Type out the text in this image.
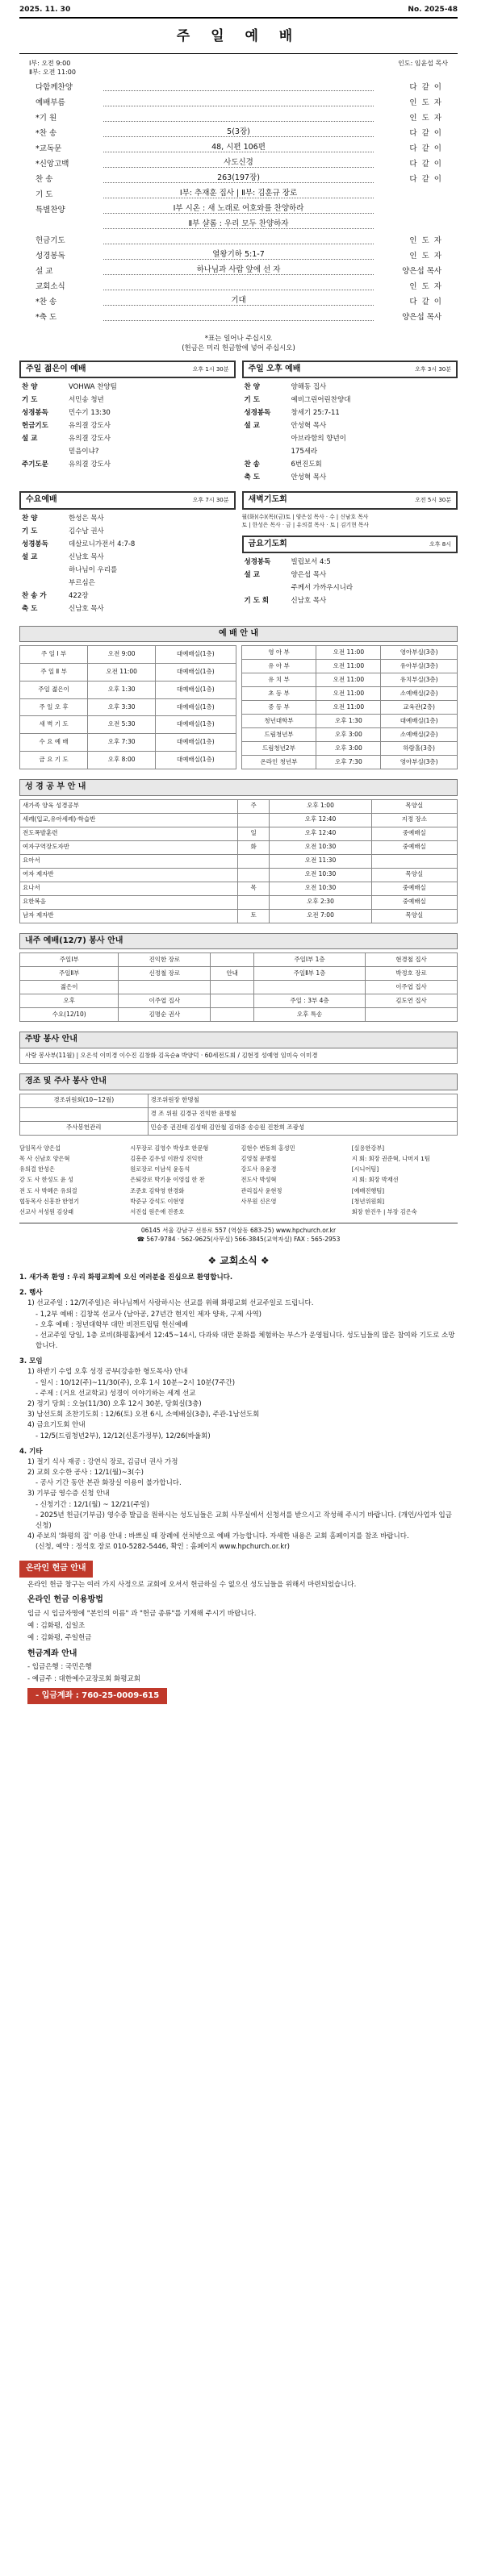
2025. 11. 30	No. 2025-48
주 일 예 배
Ⅰ부: 오전 9:00
Ⅱ부: 오전 11:00
인도: 임윤섭 목사
다함께찬양	다  같  이
예배부름	인  도  자
*기 원	인  도  자
*찬 송	5(3장)	다  같  이
*교독문	48, 시편 106편	다  같  이
*신앙고백	사도신경	다  같  이
찬 송	263(197장)	다  같  이
기 도	Ⅰ부: 추재훈 집사 | Ⅱ부: 김훈규 장로
특별찬양	Ⅰ부 시온 : 새 노래로 여호와를 찬양하라
Ⅱ부 샬롬 : 우리 모두 찬양하자
헌금기도	인  도  자
성경봉독	열왕기하 5:1-7	인  도  자
설 교	하나님과 사람 앞에 선 자	양은섭 목사
교회소식	인  도  자
*찬 송	기대	다  같  이
*축 도	양은섭 목사
*표는 일어나 주십시오
(헌금은 미리 헌금함에 넣어 주십시오)
주일 젊은이 예배	오후 1시 30분
찬 양	VOHWA 찬양팀
기 도	서민송 청년
성경봉독	민수기 13:30
헌금기도	유의결 강도사
설 교	유의결 강도사
	믿음이냐?
주기도문	유의결 강도사
주일 오후 예배	오후 3시 30분
찬 양	양해동 집사
기 도	예비그린어린찬양대
성경봉독	창세기 25:7-11
설 교	안성혁 목사
	아브라함의 향년이
	175세라
찬 송	6번진도회
축 도	안성혁 목사
수요예배	오후 7시 30분
찬 양	한성은 목사
기 도	김수남 권사
성경봉독	데살로니가전서 4:7-8
설 교	신남호 목사
	하나님이 우리를
	부르심은
찬 송 가	422장
축 도	신남호 목사
새벽기도회	오전 5시 30분
월(화)(수)(목)(금)토 | 양은섭 목사 · 수 | 신남호 목사
토 | 한성은 목사 · 금 | 유의결 목사 · 토 | 김기현 목사
금요기도회	오후 8시
성경봉독	빌립보서 4:5
설 교	양은섭 목사
	주께서 가까우시니라
기 도 회	신남호 목사
예 배 안 내
주 일 Ⅰ 부	오전 9:00	대예배실(1층)
주 일 Ⅱ 부	오전 11:00	대예배실(1층)
주일 젊은이	오후 1:30	대예배실(1층)
주 일 오 후	오후 3:30	대예배실(1층)
새 벽 기 도	오전 5:30	대예배실(1층)
수 요 예 배	오후 7:30	대예배실(1층)
금 요 기 도	오후 8:00	대예배실(1층)
영 아 부	오전 11:00	영아부실(3층)
유 아 부	오전 11:00	유아부실(3층)
유 치 부	오전 11:00	유치부실(3층)
초 등 부	오전 11:00	소예배실(2층)
중 등 부	오전 11:00	교육관(2층)
청년대학부	오후 1:30	대예배실(1층)
드림청년부	오후 3:00	소예배실(2층)
드림청년2부	오후 3:00	하람홀(3층)
온라인 청년부	오후 7:30	영아부실(3층)
성 경 공 부 안 내
새가족 양육 성경공부	주	오후 1:00	목양실
세례(입교,유아세례)·학습반		오후 12:40	지정 장소
전도폭발훈련	일	오후 12:40	중예배실
여자구역장도자반	화	오전 10:30	중예배실
요아서		오전 11:30	
여자 제자반		오전 10:30	목양실
요나서	목	오전 10:30	중예배실
요한복음		오후 2:30	중예배실
남자 제자반	토	오전 7:00	목양실
내주 예배(12/7) 봉사 안내
주일Ⅰ부	진익한 장로		주일Ⅰ부 1층	현경철 집사
주일Ⅱ부	신정철 장로	안내	주일Ⅱ부 1층	박정호 장로
젊은이				이주엽 집사
오후	이주엽 집사		주일 : 3부 4층	김도연 집사
수요(12/10)	김명순 권사		오후 특송	
주방 봉사 안내
사랑 봉사부(11월) | 오은석 이미경 이수진 김창화 김옥순a 박양덕 · 60세전도회 / 김현정 성예영 임미숙 이미경
경조 및 주사 봉사 안내
경조위원회(10~12월)	경조위원장 한명철
	경 조 위원 김경규 진익한 윤병철
주사봉헌관리	민승종 권진태 김성태 김안철 김대중 송승원 진찬희 조광성
담임목사 양은섭	시무장로 김영수 박상호 한문형	김현수 변동희 홍성민	[실용한강부]
목 사 신남호 양은혁	김흥준 김우성 이완성 진익한	김영철 윤병철	지 회: 회장 권준혁, 나머지 1팀
유의결 한성은	원로장로 이남석 윤동석	강도사 유윤경	[시니어팀]
강 도 사 한성도 윤 성	은퇴장로 박기윤 이영섭 한 찬	전도사 박성혁	지 회: 회장 박재선
전 도 사 박혜은 유의결	조준호 김학영 한경화	관리집사 윤현정	[예배진행팀]
협동목사 신흥찬 한영기	박준규 강석도 이현영	사무원 신은영	[청년위원회]
선교사 서성원 김상래	서진섭 원은애 진종호	회장 한진우 | 부장 김은숙
06145 서울 강남구 선릉로 557 (역삼동 683-25) www.hpchurch.or.kr
☎ 567-9784 · 562-9625(사무실) 566-3845(교역자실) FAX : 565-2953
❖ 교회소식 ❖
1. 새가족 환영 : 우리 화평교회에 오신 여러분을 진심으로 환영합니다.
2. 행사
1) 선교주일 : 12/7(주일)은 하나님께서 사랑하시는 선교를 위해 화평교회 선교주일로 드립니다.
- 1,2부 예배 : 김창복 선교사 (남아공, 27년간 현지인 제자 양육, 구제 사역)
- 오후 예배 : 정년대학부 대만 비전트립팀 헌신예배
- 선교주일 당일, 1층 로비(화평홀)에서 12:45~14시, 다과와 대만 문화를 체험하는 부스가 운영됩니다. 성도님들의 많은 참여와 기도로 소망합니다.
3. 모임
1) 하반기 수업 오후 성경 공부(강송한 형도목사) 안내
- 일시 : 10/12(주)~11/30(주), 오후 1시 10분~2시 10분(7주간)
- 주제 : (거요 선교학교) 성경이 이야기하는 세계 선교
2) 정기 당회 : 오늘(11/30) 오후 12시 30분, 당회실(3층)
3) 남선도회 조찬기도회 : 12/6(토) 오전 6시, 소예배실(3층), 주관-1남선도회
4) 금요기도회 안내
- 12/5(드림청년2부), 12/12(신혼가정부), 12/26(바울회)
4. 기타
1) 절기 식사 재공 : 강연식 장로, 김금녀 권사 가정
2) 교회 오수한 공사 : 12/1(월)~3(수)
- 공사 기간 동안 본관 화장실 이용이 불가합니다.
3) 기부금 영수증 신청 안내
- 신청기간 : 12/1(월) ~ 12/21(주일)
- 2025년 헌금(기부금) 영수증 발급을 원하시는 성도님들은 교회 사무실에서 신청서를 받으시고 작성해 주시기 바랍니다. (개인/사업자 입금신청)
4) 주보의 '화평의 집' 이용 안내 : 바쁘실 때 장례에 선처받으로 예배 가능합니다. 자세한 내용은 교회 홈페이지를 참조 바랍니다.
(신청, 예약 : 정석호 장로 010-5282-5446, 확인 : 홈페이지 www.hpchurch.or.kr)
온라인 헌금 안내

온라인 헌금 창구는 여러 가지 사정으로 교회에 오셔서 헌금하실 수 없으신 성도님들을 위해서 마련되었습니다.

온라인 헌금 이용방법

입금 시 입금자명에 "본인의 이름" 과 "헌금 종류"를 기재해 주시기 바랍니다.

예 : 김화평, 십일조

예 : 김화평, 주일헌금

헌금계좌 안내

- 입금은행 : 국민은행

- 예금주 : 대한예수교장로회 화평교회

- 입금계좌 : 760-25-0009-615
